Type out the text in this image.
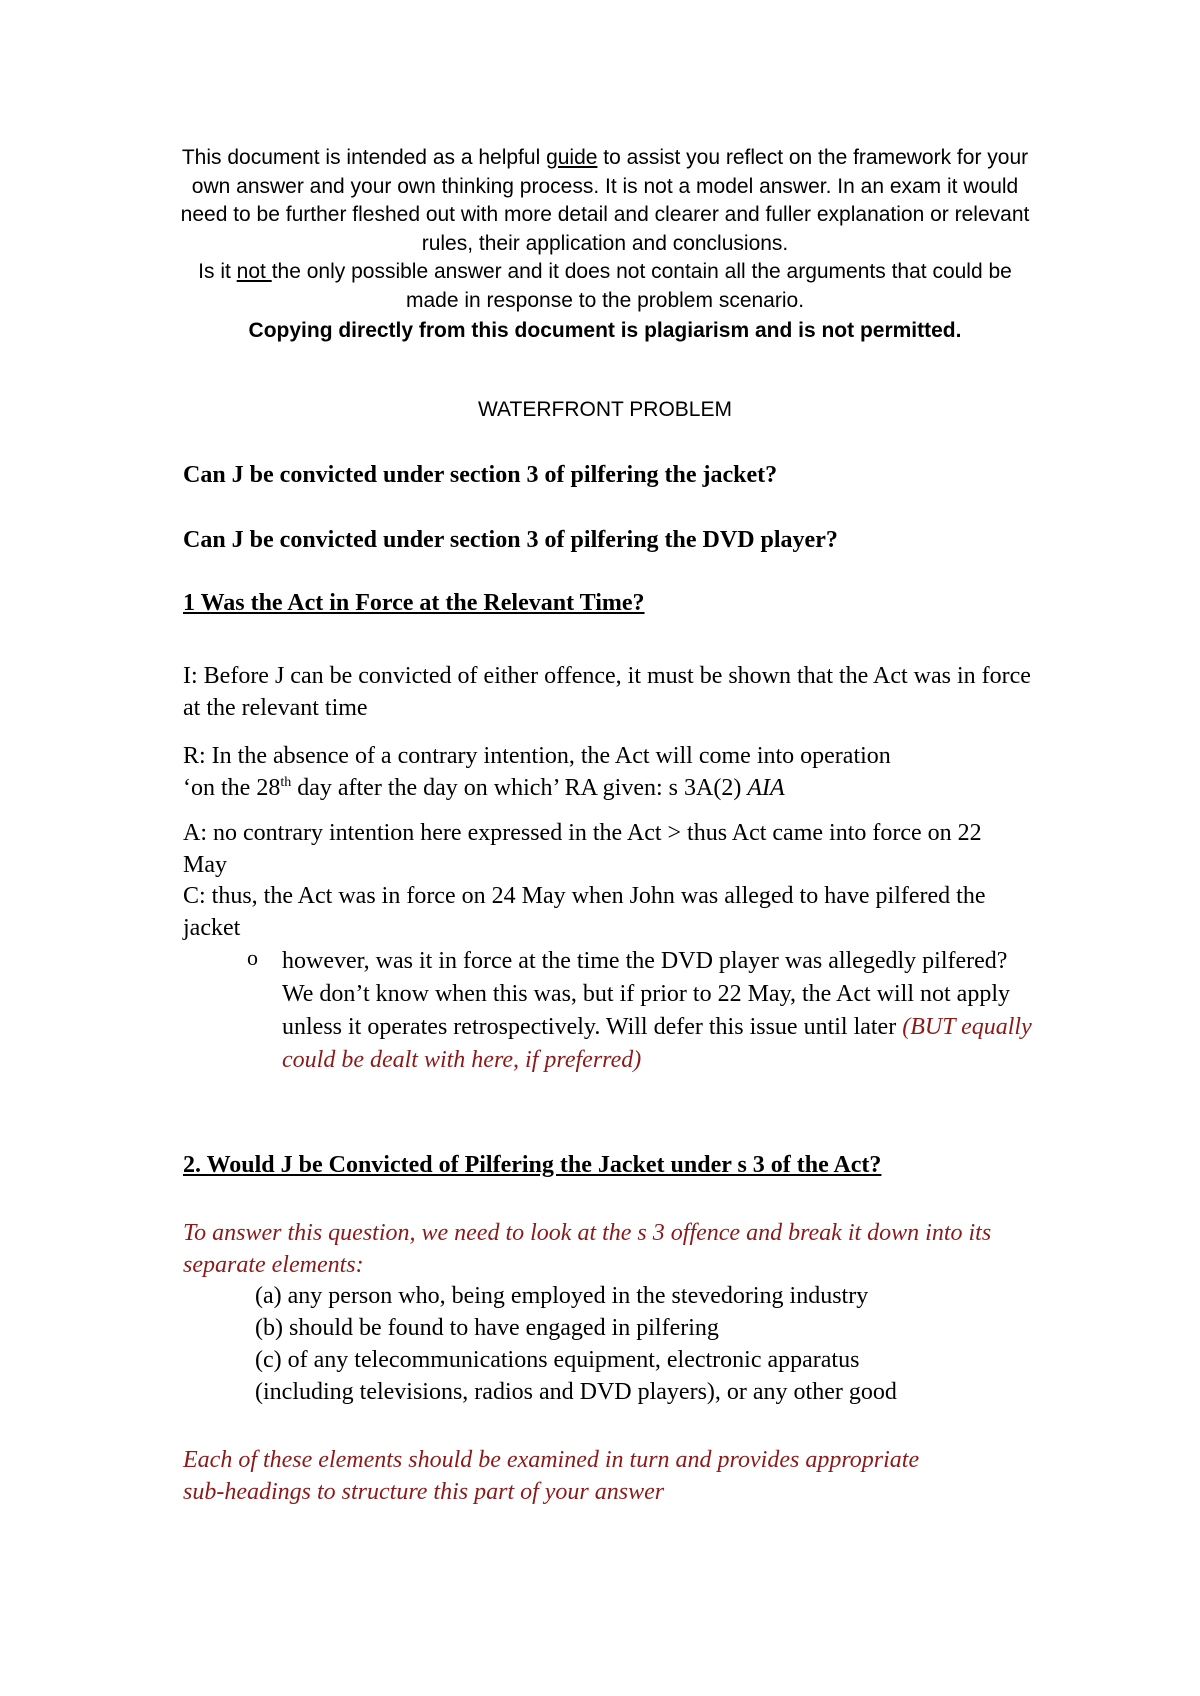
This document is intended as a helpful guide to assist you reflect on the framework for your own answer and your own thinking process. It is not a model answer. In an exam it would need to be further fleshed out with more detail and clearer and fuller explanation or relevant rules, their application and conclusions.

Is it not the only possible answer and it does not contain all the arguments that could be made in response to the problem scenario.

Copying directly from this document is plagiarism and is not permitted.

WATERFRONT PROBLEM

Can J be convicted under section 3 of pilfering the jacket?

Can J be convicted under section 3 of pilfering the DVD player?

1 Was the Act in Force at the Relevant Time?

I: Before J can be convicted of either offence, it must be shown that the Act was in force at the relevant time

R: In the absence of a contrary intention, the Act will come into operation
‘on the 28th day after the day on which’ RA given: s 3A(2) AIA

A: no contrary intention here expressed in the Act > thus Act came into force on 22 May

C: thus, the Act was in force on 24 May when John was alleged to have pilfered the jacket

o however, was it in force at the time the DVD player was allegedly pilfered? We don’t know when this was, but if prior to 22 May, the Act will not apply unless it operates retrospectively. Will defer this issue until later (BUT equally could be dealt with here, if preferred)

2. Would J be Convicted of Pilfering the Jacket under s 3 of the Act?

To answer this question, we need to look at the s 3 offence and break it down into its separate elements:

(a) any person who, being employed in the stevedoring industry
(b) should be found to have engaged in pilfering
(c) of any telecommunications equipment, electronic apparatus
(including televisions, radios and DVD players), or any other good

Each of these elements should be examined in turn and provides appropriate sub-headings to structure this part of your answer
